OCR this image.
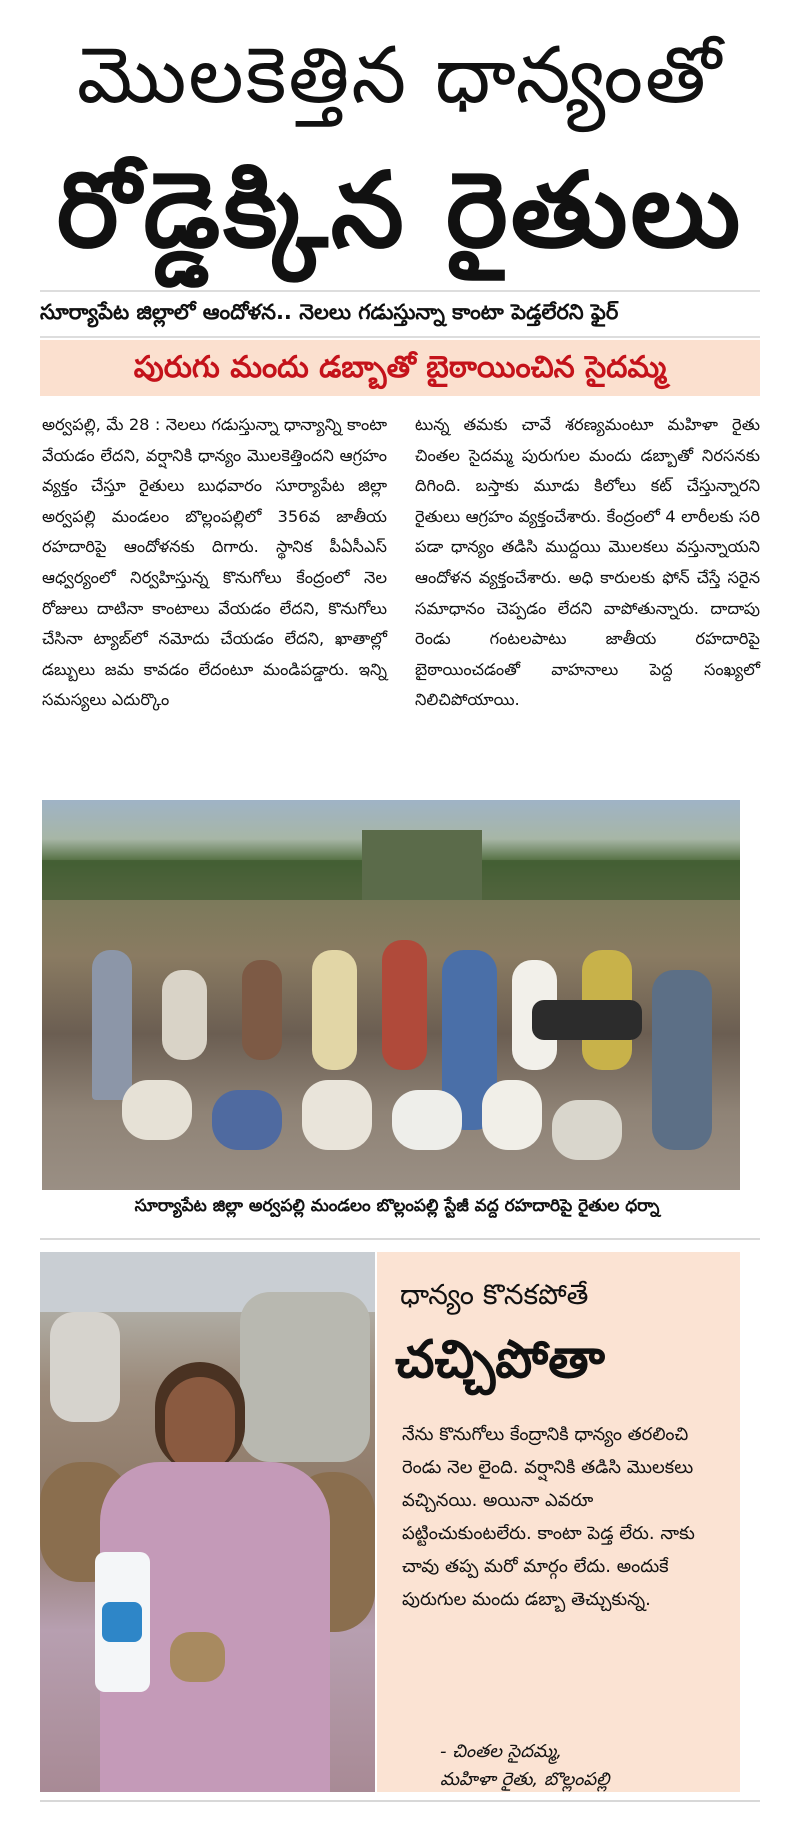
మొలకెత్తిన ధాన్యంతో
రోడ్డెక్కిన రైతులు
సూర్యాపేట జిల్లాలో ఆందోళన.. నెలలు గడుస్తున్నా కాంటా పెడ్తలేరని ఫైర్
పురుగు మందు డబ్బాతో బైఠాయించిన సైదమ్మ
అర్వపల్లి, మే 28 : నెలలు గడుస్తున్నా ధాన్యాన్ని కాంటా వేయడం లేదని, వర్షానికి ధాన్యం మొలకెత్తిందని ఆగ్రహం వ్యక్తం చేస్తూ రైతులు బుధవారం సూర్యాపేట జిల్లా అర్వపల్లి మండలం బొల్లంపల్లిలో 356వ జాతీయ రహదారిపై ఆందోళనకు దిగారు. స్థానిక పీఏసీఎస్ ఆధ్వర్యంలో నిర్వహిస్తున్న కొనుగోలు కేంద్రంలో నెల రోజులు దాటినా కాంటాలు వేయడం లేదని, కొనుగోలు చేసినా ట్యాబ్‌లో నమోదు చేయడం లేదని, ఖాతాల్లో డబ్బులు జమ కావడం లేదంటూ మండిపడ్డారు. ఇన్ని సమస్యలు ఎదుర్కొం
టున్న తమకు చావే శరణ్యమంటూ మహిళా రైతు చింతల సైదమ్మ పురుగుల మందు డబ్బాతో నిరసనకు దిగింది. బస్తాకు మూడు కిలోలు కట్ చేస్తున్నారని రైతులు ఆగ్రహం వ్యక్తంచేశారు. కేంద్రంలో 4 లారీలకు సరి పడా ధాన్యం తడిసి ముద్దయి మొలకలు వస్తున్నాయని ఆందోళన వ్యక్తంచేశారు. అధి కారులకు ఫోన్ చేస్తే సరైన సమాధానం చెప్పడం లేదని వాపోతున్నారు. దాదాపు రెండు గంటలపాటు జాతీయ రహదారిపై బైఠాయించడంతో వాహనాలు పెద్ద సంఖ్యలో నిలిచిపోయాయి.
సూర్యాపేట జిల్లా అర్వపల్లి మండలం బొల్లంపల్లి స్టేజీ వద్ద రహదారిపై రైతుల ధర్నా
ధాన్యం కొనకపోతే
చచ్చిపోతా
నేను కొనుగోలు కేంద్రానికి ధాన్యం తరలించి రెండు నెల లైంది. వర్షానికి తడిసి మొలకలు వచ్చినయి. అయినా ఎవరూ పట్టించుకుంటలేరు. కాంటా పెడ్త లేరు. నాకు చావు తప్ప మరో మార్గం లేదు. అందుకే పురుగుల మందు డబ్బా తెచ్చుకున్న.
- చింతల సైదమ్మ,
మహిళా రైతు, బొల్లంపల్లి
